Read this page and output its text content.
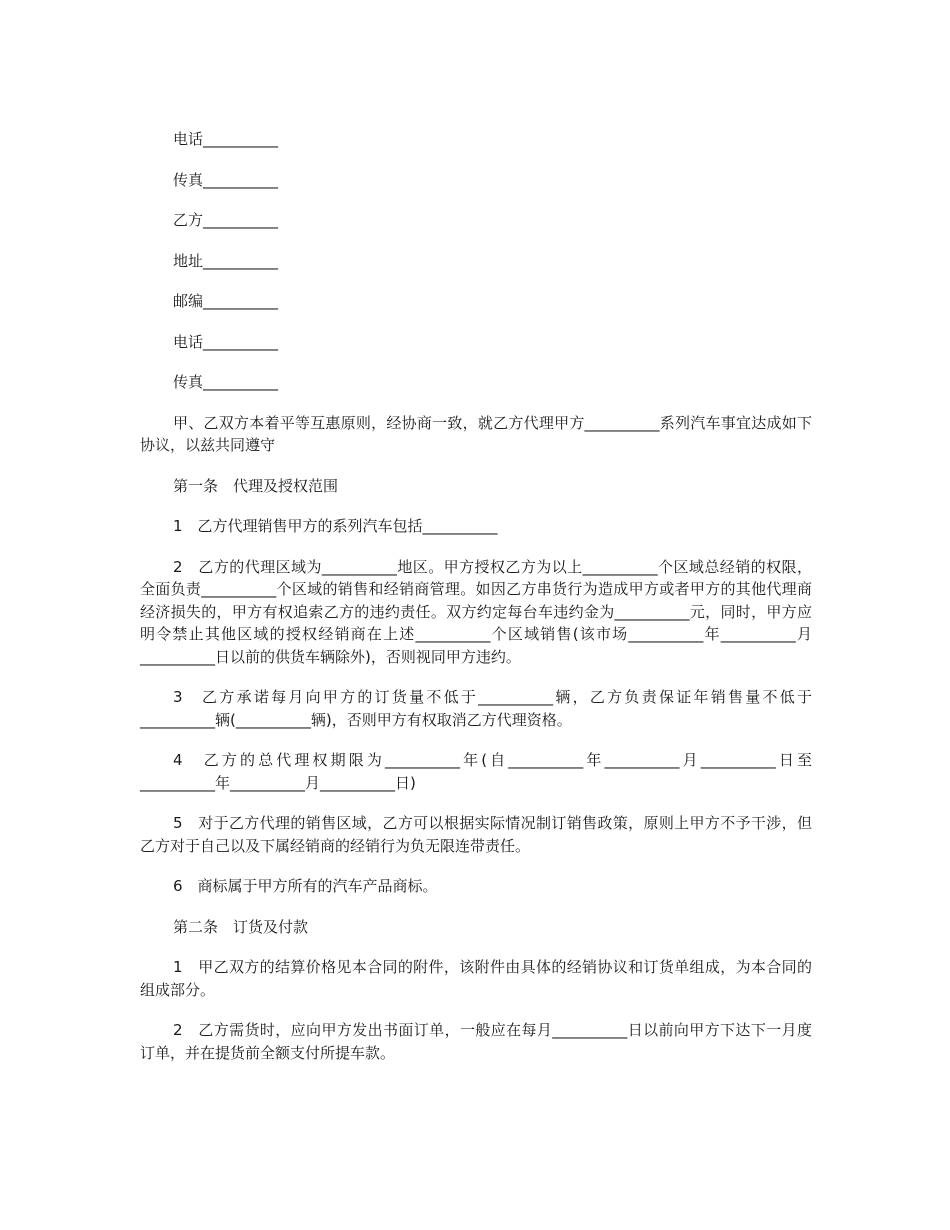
电话__________

传真__________

乙方__________

地址__________

邮编__________

电话__________

传真__________

甲、乙双方本着平等互惠原则，经协商一致，就乙方代理甲方__________系列汽车事宜达成如下协议，以兹共同遵守

第一条　代理及授权范围

1　乙方代理销售甲方的系列汽车包括__________

2　乙方的代理区域为__________地区。甲方授权乙方为以上__________个区域总经销的权限，全面负责__________个区域的销售和经销商管理。如因乙方串货行为造成甲方或者甲方的其他代理商经济损失的，甲方有权追索乙方的违约责任。双方约定每台车违约金为__________元，同时，甲方应明令禁止其他区域的授权经销商在上述__________个区域销售(该市场__________年__________月__________日以前的供货车辆除外)，否则视同甲方违约。

3　乙方承诺每月向甲方的订货量不低于__________辆，乙方负责保证年销售量不低于__________辆(__________辆)，否则甲方有权取消乙方代理资格。

4　乙方的总代理权期限为__________年(自__________年__________月__________日至__________年__________月__________日)

5　对于乙方代理的销售区域，乙方可以根据实际情况制订销售政策，原则上甲方不予干涉，但乙方对于自己以及下属经销商的经销行为负无限连带责任。

6　商标属于甲方所有的汽车产品商标。

第二条　订货及付款

1　甲乙双方的结算价格见本合同的附件，该附件由具体的经销协议和订货单组成，为本合同的组成部分。

2　乙方需货时，应向甲方发出书面订单，一般应在每月__________日以前向甲方下达下一月度订单，并在提货前全额支付所提车款。
